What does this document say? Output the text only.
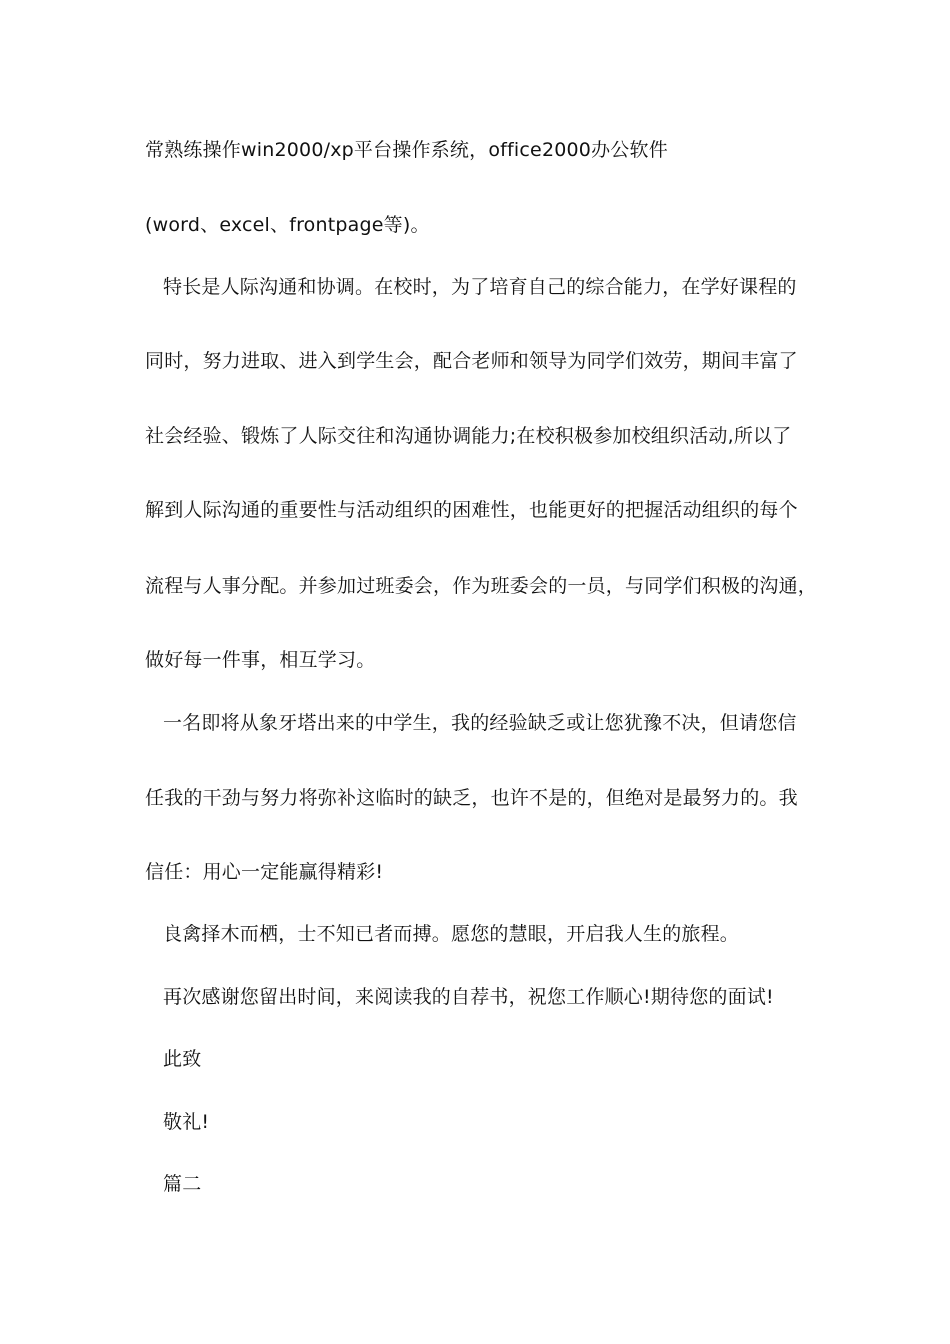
常熟练操作win2000/xp平台操作系统，office2000办公软件
(word、excel、frontpage等)。
特长是人际沟通和协调。在校时，为了培育自己的综合能力，在学好课程的
同时，努力进取、进入到学生会，配合老师和领导为同学们效劳，期间丰富了
社会经验、锻炼了人际交往和沟通协调能力;在校积极参加校组织活动,所以了
解到人际沟通的重要性与活动组织的困难性，也能更好的把握活动组织的每个
流程与人事分配。并参加过班委会，作为班委会的一员，与同学们积极的沟通，
做好每一件事，相互学习。
一名即将从象牙塔出来的中学生，我的经验缺乏或让您犹豫不决，但请您信
任我的干劲与努力将弥补这临时的缺乏，也许不是的，但绝对是最努力的。我
信任：用心一定能赢得精彩!
良禽择木而栖，士不知已者而搏。愿您的慧眼，开启我人生的旅程。
再次感谢您留出时间，来阅读我的自荐书，祝您工作顺心!期待您的面试!
此致
敬礼!
篇二
